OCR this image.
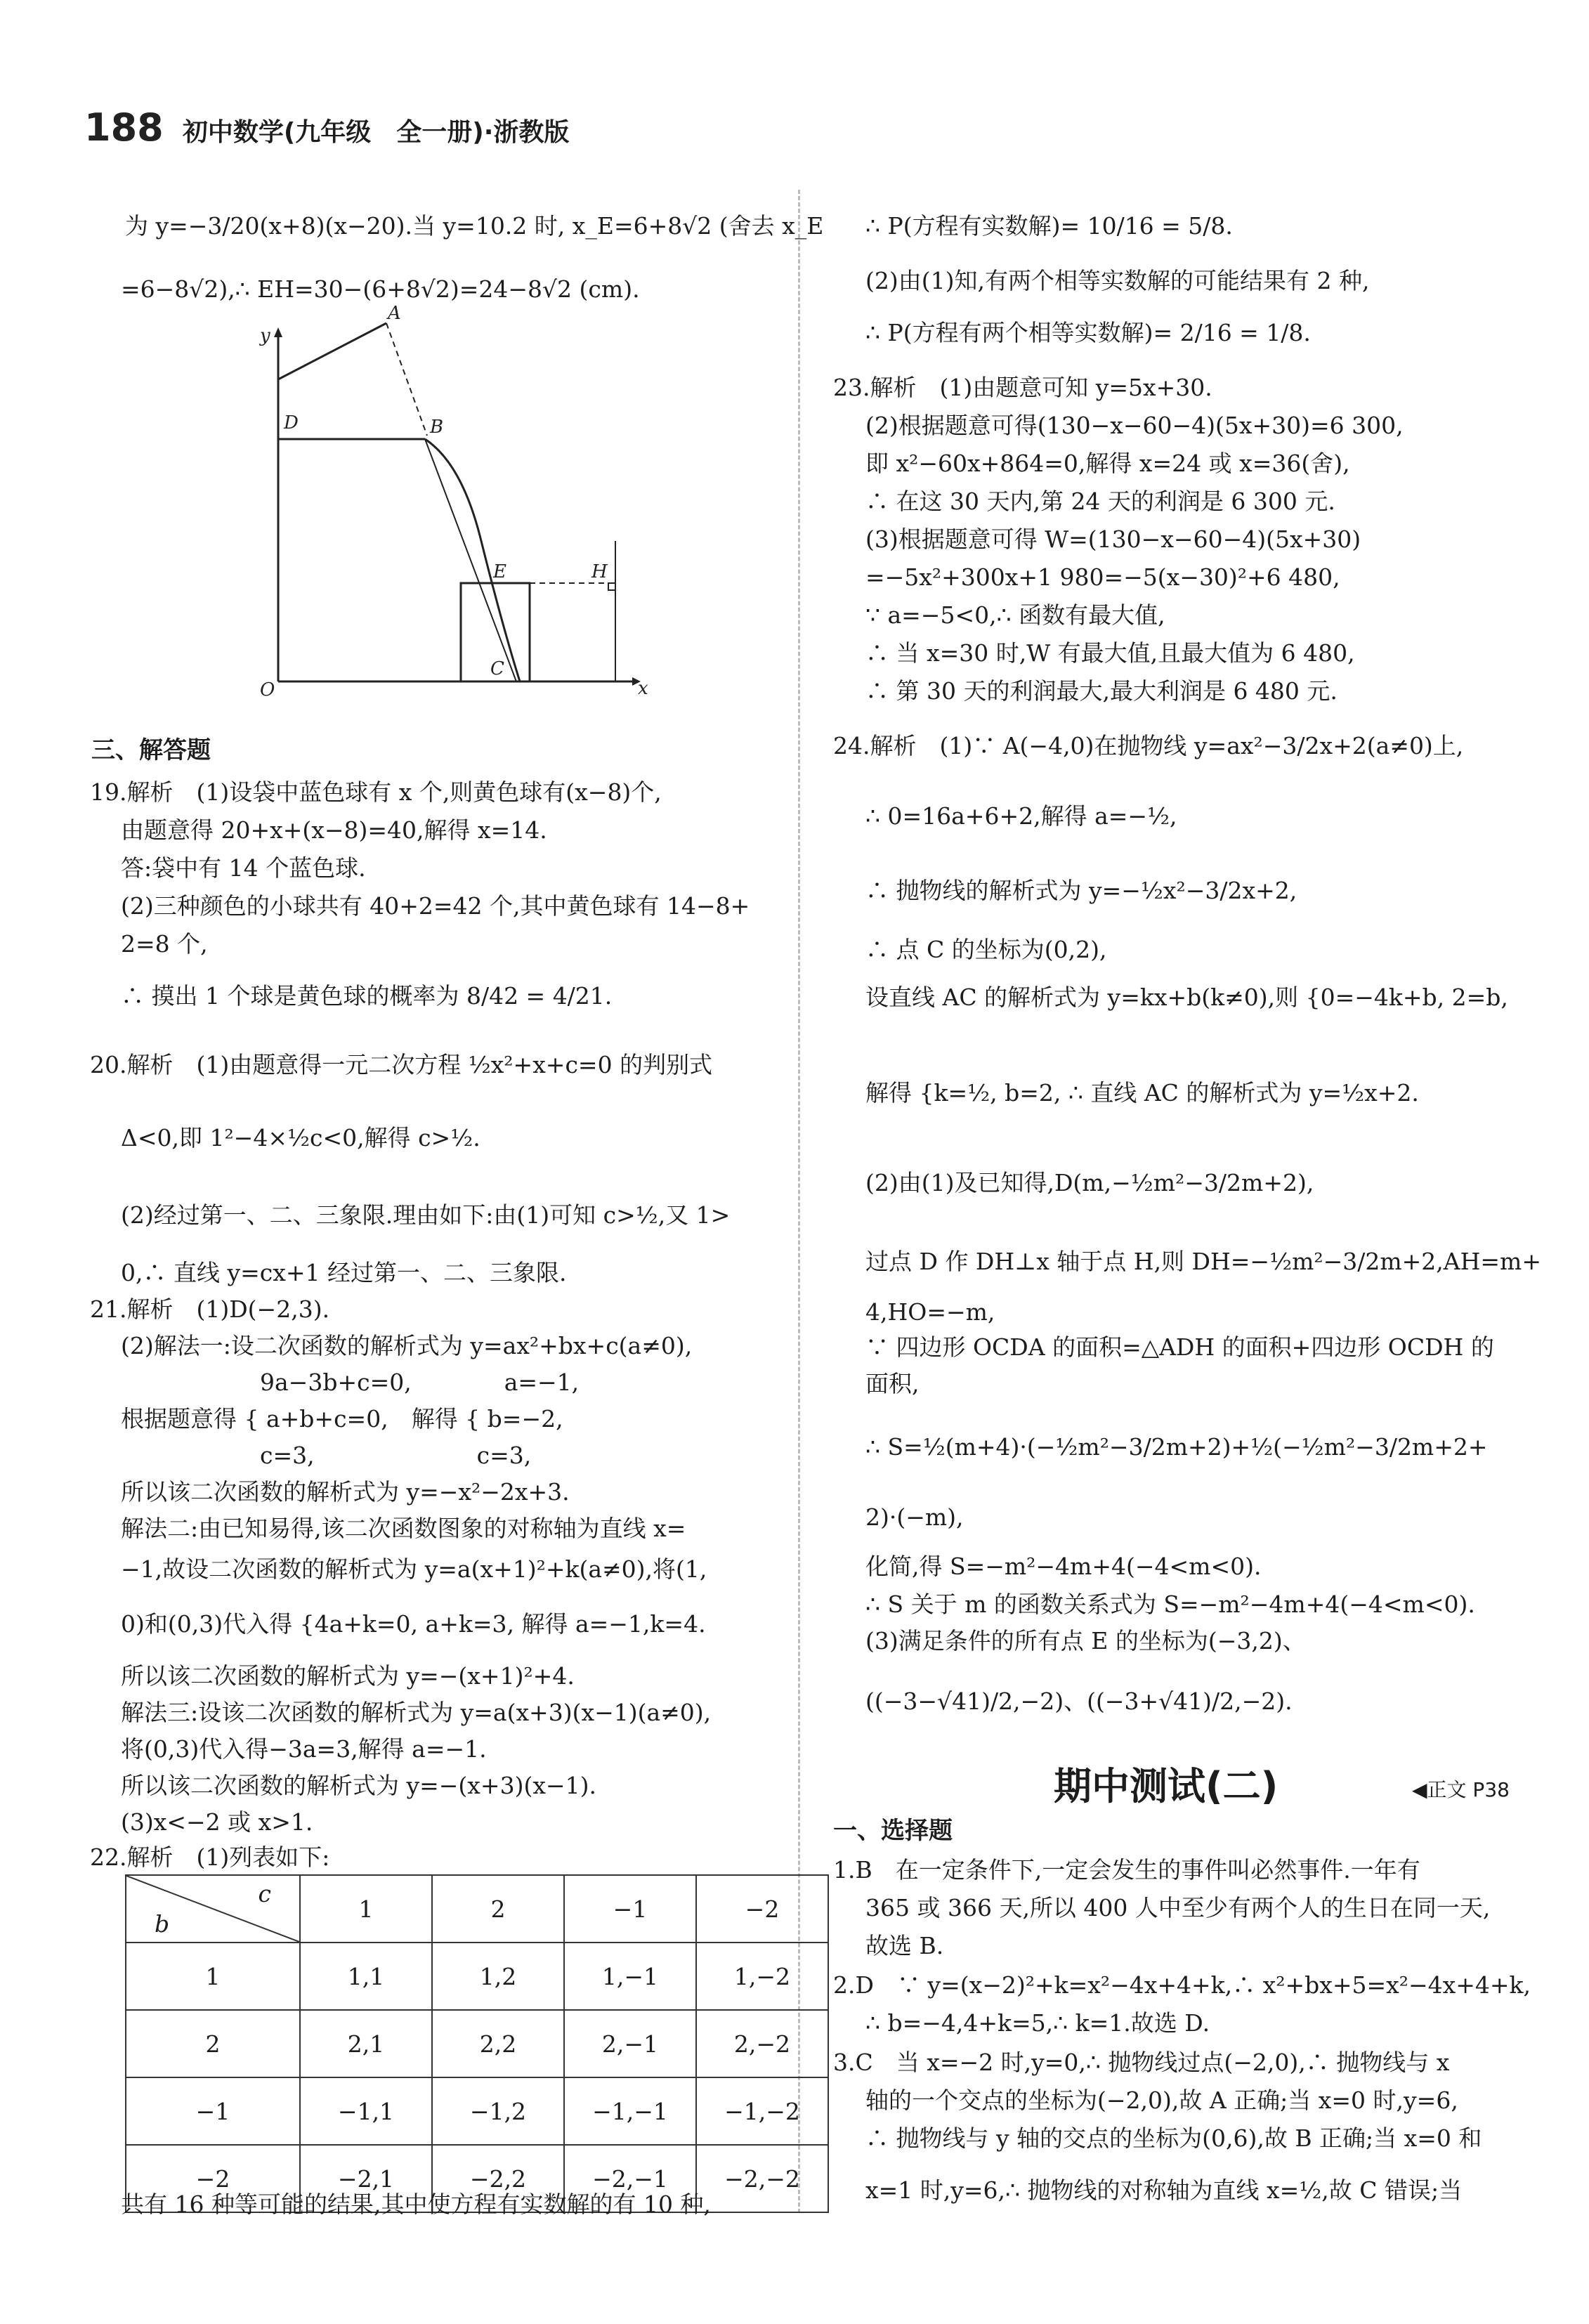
188 初中数学(九年级　全一册)·浙教版
为 y=−3/20(x+8)(x−20).当 y=10.2 时, x_E=6+8√2 (舍去 x_E
=6−8√2),∴ EH=30−(6+8√2)=24−8√2 (cm).
y
A
D	B
E	H
O
C
x
三、解答题
19.解析　(1)设袋中蓝色球有 x 个,则黄色球有(x−8)个,
由题意得 20+x+(x−8)=40,解得 x=14.
答:袋中有 14 个蓝色球.
(2)三种颜色的小球共有 40+2=42 个,其中黄色球有 14−8+
2=8 个,
∴ 摸出 1 个球是黄色球的概率为 8/42 = 4/21.
20.解析　(1)由题意得一元二次方程 ½x²+x+c=0 的判别式
Δ<0,即 1²−4×½c<0,解得 c>½.
(2)经过第一、二、三象限.理由如下:由(1)可知 c>½,又 1>
0,∴ 直线 y=cx+1 经过第一、二、三象限.
21.解析　(1)D(−2,3).
(2)解法一:设二次函数的解析式为 y=ax²+bx+c(a≠0),
9a−3b+c=0,　　　　a=−1,
根据题意得 { a+b+c=0,　解得 { b=−2,
c=3,　　　　　　　c=3,
所以该二次函数的解析式为 y=−x²−2x+3.
解法二:由已知易得,该二次函数图象的对称轴为直线 x=
−1,故设二次函数的解析式为 y=a(x+1)²+k(a≠0),将(1,
0)和(0,3)代入得 {4a+k=0, a+k=3, 解得 a=−1,k=4.
所以该二次函数的解析式为 y=−(x+1)²+4.
解法三:设该二次函数的解析式为 y=a(x+3)(x−1)(a≠0),
将(0,3)代入得−3a=3,解得 a=−1.
所以该二次函数的解析式为 y=−(x+3)(x−1).
(3)x<−2 或 x>1.
22.解析　(1)列表如下:
c
b	1	2	−1	−2
1	1,1	1,2	1,−1	1,−2
2	2,1	2,2	2,−1	2,−2
−1	−1,1	−1,2	−1,−1	−1,−2
−2	−2,1	−2,2	−2,−1	−2,−2
共有 16 种等可能的结果,其中使方程有实数解的有 10 种,
∴ P(方程有实数解)= 10/16 = 5/8.
(2)由(1)知,有两个相等实数解的可能结果有 2 种,
∴ P(方程有两个相等实数解)= 2/16 = 1/8.
23.解析　(1)由题意可知 y=5x+30.
(2)根据题意可得(130−x−60−4)(5x+30)=6 300,
即 x²−60x+864=0,解得 x=24 或 x=36(舍),
∴ 在这 30 天内,第 24 天的利润是 6 300 元.
(3)根据题意可得 W=(130−x−60−4)(5x+30)
=−5x²+300x+1 980=−5(x−30)²+6 480,
∵ a=−5<0,∴ 函数有最大值,
∴ 当 x=30 时,W 有最大值,且最大值为 6 480,
∴ 第 30 天的利润最大,最大利润是 6 480 元.
24.解析　(1)∵ A(−4,0)在抛物线 y=ax²−3/2x+2(a≠0)上,
∴ 0=16a+6+2,解得 a=−½,
∴ 抛物线的解析式为 y=−½x²−3/2x+2,
∴ 点 C 的坐标为(0,2),
设直线 AC 的解析式为 y=kx+b(k≠0),则 {0=−4k+b, 2=b,
解得 {k=½, b=2, ∴ 直线 AC 的解析式为 y=½x+2.
(2)由(1)及已知得,D(m,−½m²−3/2m+2),
过点 D 作 DH⊥x 轴于点 H,则 DH=−½m²−3/2m+2,AH=m+
4,HO=−m,
∵ 四边形 OCDA 的面积=△ADH 的面积+四边形 OCDH 的
面积,
∴ S=½(m+4)·(−½m²−3/2m+2)+½(−½m²−3/2m+2+
2)·(−m),
化简,得 S=−m²−4m+4(−4<m<0).
∴ S 关于 m 的函数关系式为 S=−m²−4m+4(−4<m<0).
(3)满足条件的所有点 E 的坐标为(−3,2)、
((−3−√41)/2,−2)、((−3+√41)/2,−2).
期中测试(二)	◀正文 P38
一、选择题
1.B　在一定条件下,一定会发生的事件叫必然事件.一年有
365 或 366 天,所以 400 人中至少有两个人的生日在同一天,
故选 B.
2.D　∵ y=(x−2)²+k=x²−4x+4+k,∴ x²+bx+5=x²−4x+4+k,
∴ b=−4,4+k=5,∴ k=1.故选 D.
3.C　当 x=−2 时,y=0,∴ 抛物线过点(−2,0),∴ 抛物线与 x
轴的一个交点的坐标为(−2,0),故 A 正确;当 x=0 时,y=6,
∴ 抛物线与 y 轴的交点的坐标为(0,6),故 B 正确;当 x=0 和
x=1 时,y=6,∴ 抛物线的对称轴为直线 x=½,故 C 错误;当
